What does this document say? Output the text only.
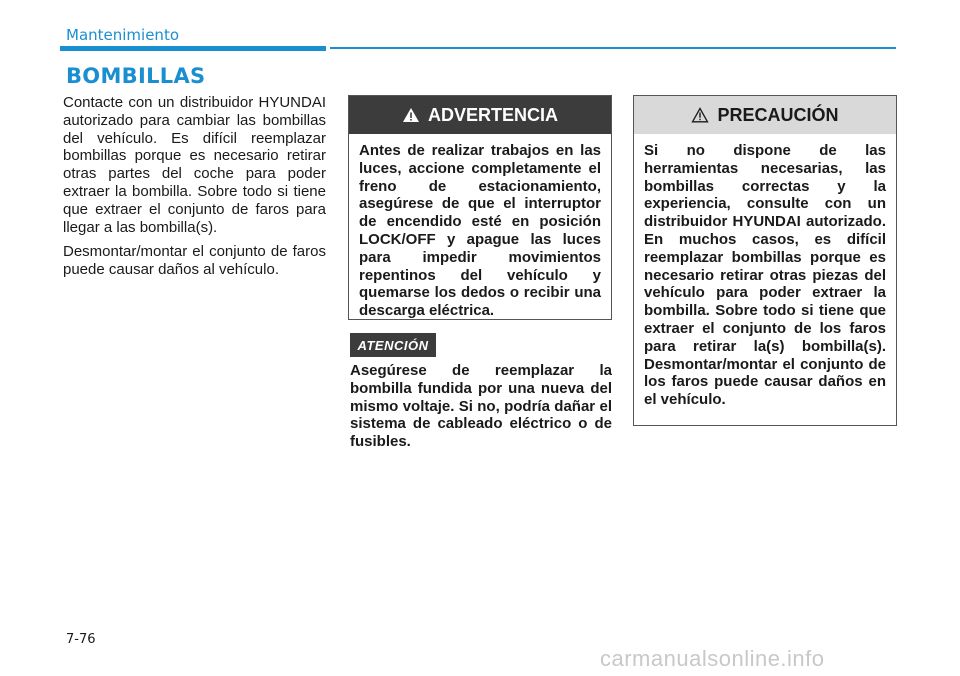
Mantenimiento
BOMBILLAS

Contacte con un distribuidor HYUNDAI autorizado para cambiar las bombillas del vehículo. Es difícil reemplazar bombillas porque es necesario retirar otras partes del coche para poder extraer la bombilla. Sobre todo si tiene que extraer el conjunto de faros para llegar a las bombilla(s).

Desmontar/montar el conjunto de faros puede causar daños al vehículo.

ADVERTENCIA
Antes de realizar trabajos en las luces, accione completamente el freno de estacionamiento, asegúrese de que el interruptor de encendido esté en posición LOCK/OFF y apague las luces para impedir movimientos repentinos del vehículo y quemarse los dedos o recibir una descarga eléctrica.
ATENCIÓN
Asegúrese de reemplazar la bombilla fundida por una nueva del mismo voltaje. Si no, podría dañar el sistema de cableado eléctrico o de fusibles.
PRECAUCIÓN
Si no dispone de las herramientas necesarias, las bombillas correctas y la experiencia, consulte con un distribuidor HYUNDAI autorizado. En muchos casos, es difícil reemplazar bombillas porque es necesario retirar otras piezas del vehículo para poder extraer la bombilla. Sobre todo si tiene que extraer el conjunto de los faros para retirar la(s) bombilla(s). Desmontar/montar el conjunto de los faros puede causar daños en el vehículo.
7-76
carmanualsonline.info
